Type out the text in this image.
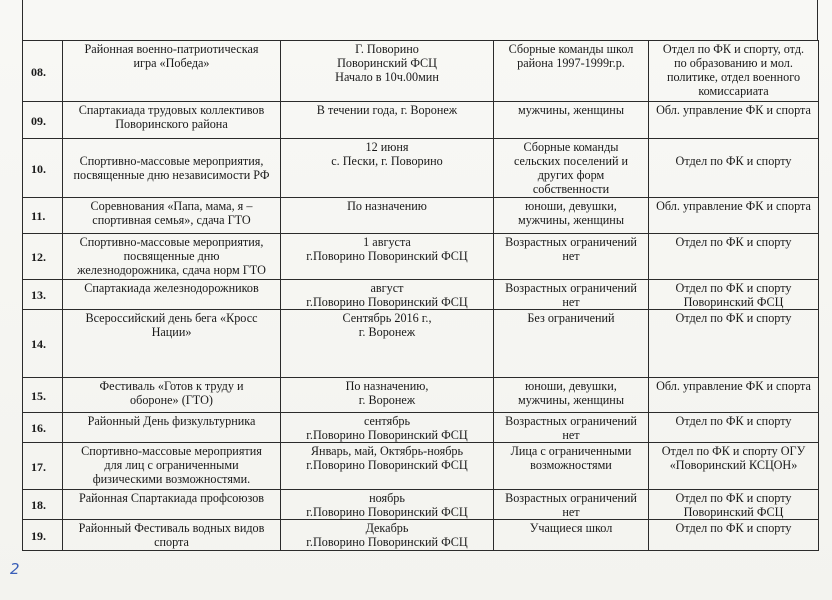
08.	Районная военно-патриотическая
игра «Победа»	Г. Поворино
Поворинский ФСЦ
Начало в 10ч.00мин	Сборные команды школ
района 1997-1999г.р.	Отдел по ФК и спорту, отд.
по образованию и мол.
политике, отдел военного
комиссариата

09.	Спартакиада трудовых коллективов
Поворинского района	В течении года, г. Воронеж	мужчины, женщины	Обл. управление ФК и спорта

10.	
Спортивно-массовые мероприятия,
посвященные дню независимости РФ	12 июня
с. Пески, г. Поворино	Сборные команды
сельских поселений и
других форм
собственности	
Отдел по ФК и спорту

11.	Соревнования «Папа, мама, я –
спортивная семья», сдача ГТО	По назначению	юноши, девушки,
мужчины, женщины	Обл. управление ФК и спорта

12.	Спортивно-массовые мероприятия,
посвященные дню
железнодорожника, сдача норм ГТО	1 августа
г.Поворино Поворинский ФСЦ	Возрастных ограничений
нет	Отдел по ФК и спорту

13.	Спартакиада железнодорожников	август
г.Поворино Поворинский ФСЦ	Возрастных ограничений
нет	Отдел по ФК и спорту
Поворинский ФСЦ

14.	Всероссийский день бега «Кросс
Нации»	Сентябрь 2016 г.,
г. Воронеж	Без ограничений	Отдел по ФК и спорту

15.	Фестиваль «Готов к труду и
обороне» (ГТО)	По назначению,
г. Воронеж	юноши, девушки,
мужчины, женщины	Обл. управление ФК и спорта

16.	Районный День физкультурника	сентябрь
г.Поворино Поворинский ФСЦ	Возрастных ограничений
нет	Отдел по ФК и спорту

17.	Спортивно-массовые мероприятия
для лиц с ограниченными
физическими возможностями.	Январь, май, Октябрь-ноябрь
г.Поворино Поворинский ФСЦ	Лица с ограниченными
возможностями	Отдел по ФК и спорту ОГУ
«Поворинский КСЦОН»

18.	Районная Спартакиада профсоюзов	ноябрь
г.Поворино Поворинский ФСЦ	Возрастных ограничений
нет	Отдел по ФК и спорту
Поворинский ФСЦ

19.	Районный Фестиваль водных видов
спорта	Декабрь
г.Поворино Поворинский ФСЦ	Учащиеся школ	Отдел по ФК и спорту
2
